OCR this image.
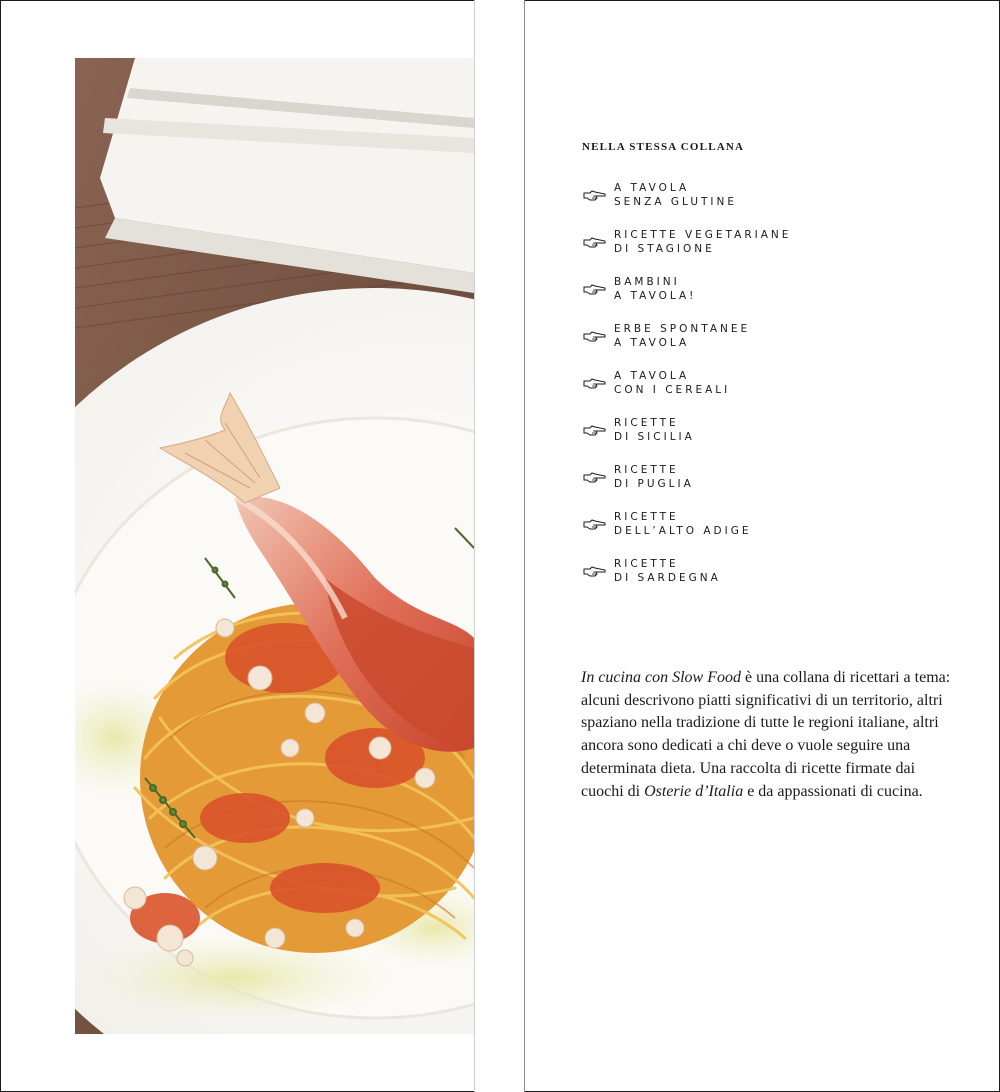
NELLA STESSA COLLANA
A TAVOLA
SENZA GLUTINE
RICETTE VEGETARIANE
DI STAGIONE
BAMBINI
A TAVOLA!
ERBE SPONTANEE
A TAVOLA
A TAVOLA
CON I CEREALI
RICETTE
DI SICILIA
RICETTE
DI PUGLIA
RICETTE
DELL’ALTO ADIGE
RICETTE
DI SARDEGNA

In cucina con Slow Food è una collana di ricettari a tema: alcuni descrivono piatti significativi di un territorio, altri spaziano nella tradizione di tutte le regioni italiane, altri ancora sono dedicati a chi deve o vuole seguire una determinata dieta. Una raccolta di ricette firmate dai cuochi di Osterie d’Italia e da appassionati di cucina.
